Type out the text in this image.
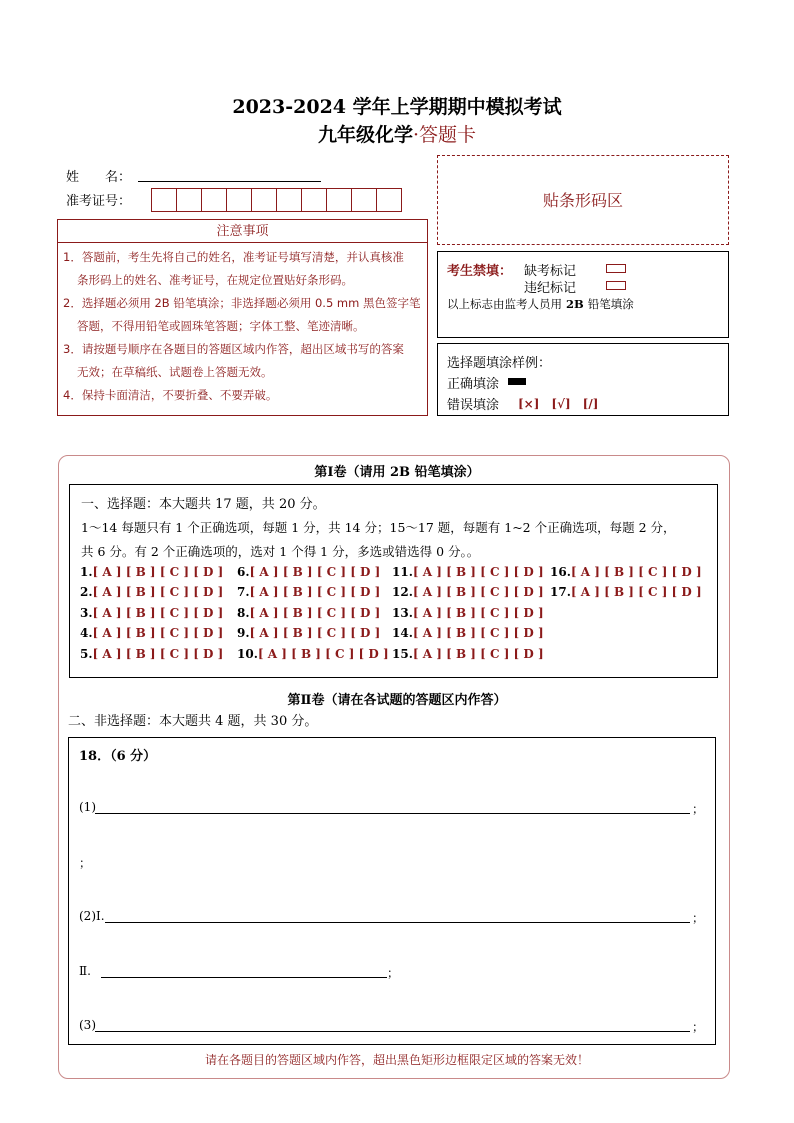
2023-2024 学年上学期期中模拟考试
九年级化学·答题卡
姓　　名：
准考证号：	贴条形码区
注意事项
1．答题前，考生先将自己的姓名，准考证号填写清楚，并认真核准
条形码上的姓名、准考证号，在规定位置贴好条形码。
2．选择题必须用 2B 铅笔填涂；非选择题必须用 0.5 mm 黑色签字笔
答题，不得用铅笔或圆珠笔答题；字体工整、笔迹清晰。
3．请按题号顺序在各题目的答题区域内作答，超出区域书写的答案
无效；在草稿纸、试题卷上答题无效。
4．保持卡面清洁，不要折叠、不要弄破。
考生禁填： 缺考标记
违纪标记
以上标志由监考人员用 2B 铅笔填涂
选择题填涂样例：
正确填涂
错误填涂 [×]　[√]　[/]
第Ⅰ卷（请用 2B 铅笔填涂）
一、选择题：本大题共 17 题，共 20 分。
1～14 每题只有 1 个正确选项，每题 1 分，共 14 分；15～17 题，每题有 1~2 个正确选项，每题 2 分，
共 6 分。有 2 个正确选项的，选对 1 个得 1 分，多选或错选得 0 分。。
1.[ A ] [ B ] [ C ] [ D ]
2.[ A ] [ B ] [ C ] [ D ]
3.[ A ] [ B ] [ C ] [ D ]
4.[ A ] [ B ] [ C ] [ D ]
5.[ A ] [ B ] [ C ] [ D ]
6.[ A ] [ B ] [ C ] [ D ]
7.[ A ] [ B ] [ C ] [ D ]
8.[ A ] [ B ] [ C ] [ D ]
9.[ A ] [ B ] [ C ] [ D ]
10.[ A ] [ B ] [ C ] [ D ]
11.[ A ] [ B ] [ C ] [ D ]
12.[ A ] [ B ] [ C ] [ D ]
13.[ A ] [ B ] [ C ] [ D ]
14.[ A ] [ B ] [ C ] [ D ]
15.[ A ] [ B ] [ C ] [ D ]
16.[ A ] [ B ] [ C ] [ D ]
17.[ A ] [ B ] [ C ] [ D ]
第Ⅱ卷（请在各试题的答题区内作答）
二、非选择题：本大题共 4 题，共 30 分。
18．（6 分）
(1)	；
；
(2)Ⅰ.	；
Ⅱ.	；
(3)	；
请在各题目的答题区域内作答，超出黑色矩形边框限定区域的答案无效！
